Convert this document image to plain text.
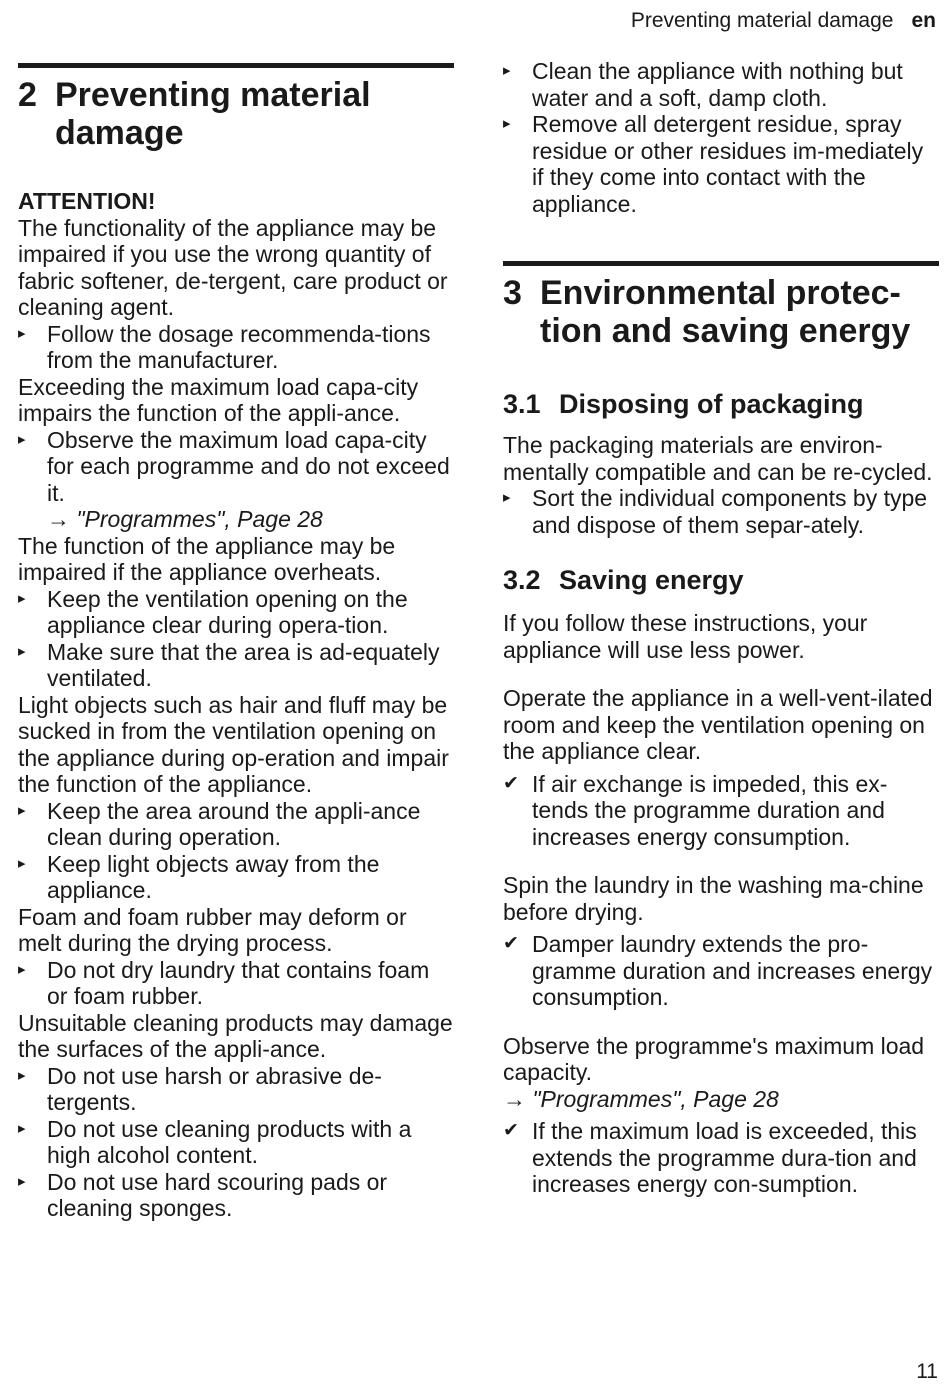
Preventing material damage en
2 Preventing material
damage

ATTENTION!

The functionality of the appliance may be impaired if you use the wrong quantity of fabric softener, de-tergent, care product or cleaning agent.

▸ Follow the dosage recommenda-tions from the manufacturer.

Exceeding the maximum load capa-city impairs the function of the appli-ance.

▸ Observe the maximum load capa-city for each programme and do not exceed it.
→ "Programmes", Page 28

The function of the appliance may be impaired if the appliance overheats.

▸ Keep the ventilation opening on the appliance clear during opera-tion.
▸ Make sure that the area is ad-equately ventilated.

Light objects such as hair and fluff may be sucked in from the ventilation opening on the appliance during op-eration and impair the function of the appliance.

▸ Keep the area around the appli-ance clean during operation.
▸ Keep light objects away from the appliance.

Foam and foam rubber may deform or melt during the drying process.

▸ Do not dry laundry that contains foam or foam rubber.

Unsuitable cleaning products may damage the surfaces of the appli-ance.

▸ Do not use harsh or abrasive de-tergents.
▸ Do not use cleaning products with a high alcohol content.
▸ Do not use hard scouring pads or cleaning sponges.
▸ Clean the appliance with nothing but water and a soft, damp cloth.
▸ Remove all detergent residue, spray residue or other residues im-mediately if they come into contact with the appliance.
3 Environmental protec-
tion and saving energy
3.1 Disposing of packaging

The packaging materials are environ-mentally compatible and can be re-cycled.

▸ Sort the individual components by type and dispose of them separ-ately.
3.2 Saving energy

If you follow these instructions, your appliance will use less power.

Operate the appliance in a well-vent-ilated room and keep the ventilation opening on the appliance clear.

✔ If air exchange is impeded, this ex-tends the programme duration and increases energy consumption.

Spin the laundry in the washing ma-chine before drying.

✔ Damper laundry extends the pro-gramme duration and increases energy consumption.

Observe the programme's maximum load capacity.

→ "Programmes", Page 28
✔ If the maximum load is exceeded, this extends the programme dura-tion and increases energy con-sumption.
11
